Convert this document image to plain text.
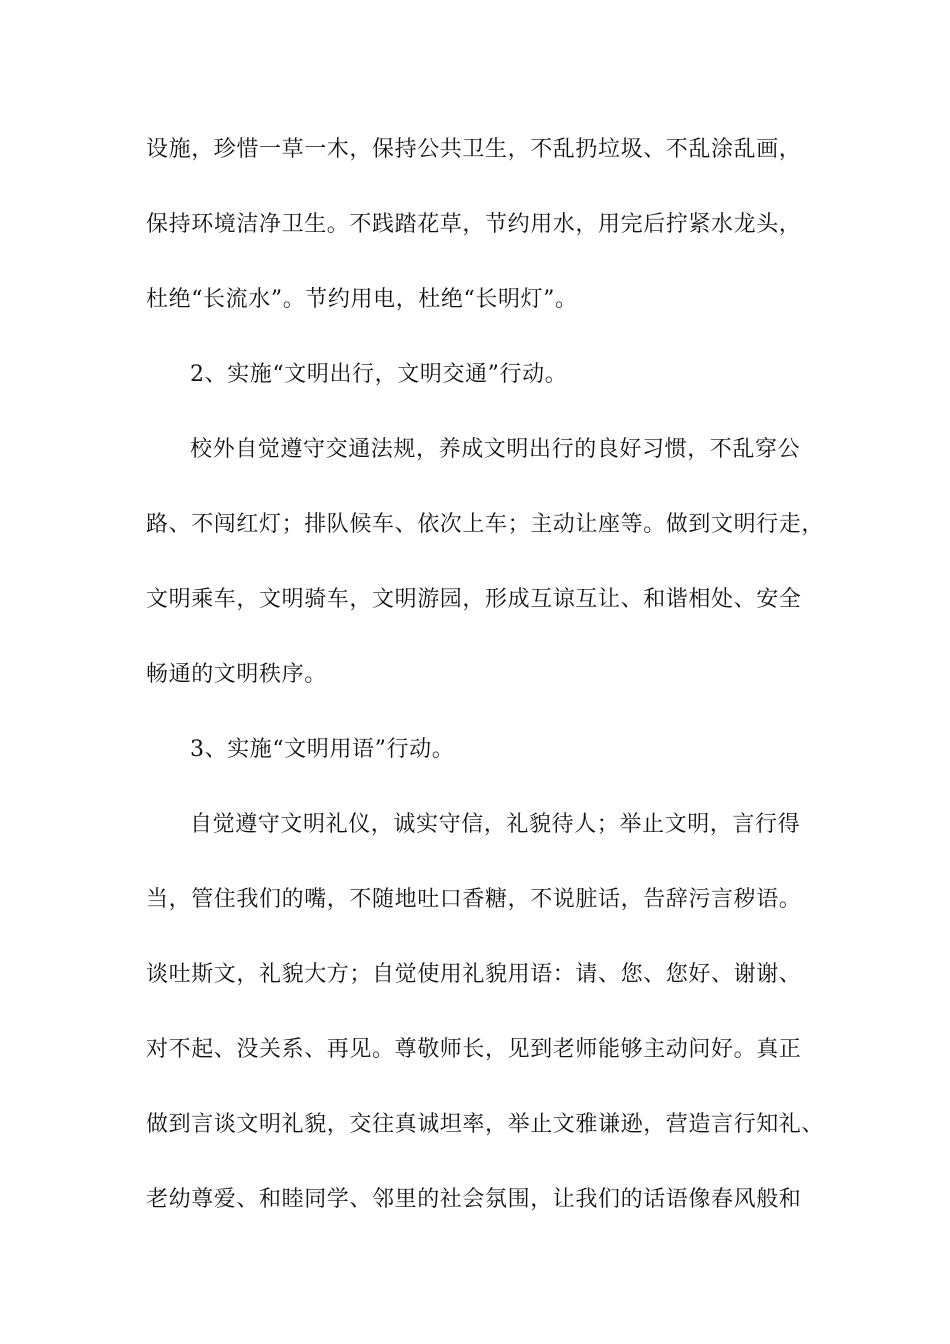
设施，珍惜一草一木，保持公共卫生，不乱扔垃圾、不乱涂乱画，
保持环境洁净卫生。不践踏花草，节约用水，用完后拧紧水龙头，
杜绝“长流水”。节约用电，杜绝“长明灯”。
2、实施“文明出行，文明交通”行动。
校外自觉遵守交通法规，养成文明出行的良好习惯，不乱穿公
路、不闯红灯；排队候车、依次上车；主动让座等。做到文明行走，
文明乘车，文明骑车，文明游园，形成互谅互让、和谐相处、安全
畅通的文明秩序。
3、实施“文明用语”行动。
自觉遵守文明礼仪，诚实守信，礼貌待人；举止文明，言行得
当，管住我们的嘴，不随地吐口香糖，不说脏话，告辞污言秽语。
谈吐斯文，礼貌大方；自觉使用礼貌用语：请、您、您好、谢谢、
对不起、没关系、再见。尊敬师长，见到老师能够主动问好。真正
做到言谈文明礼貌，交往真诚坦率，举止文雅谦逊，营造言行知礼、
老幼尊爱、和睦同学、邻里的社会氛围，让我们的话语像春风般和
